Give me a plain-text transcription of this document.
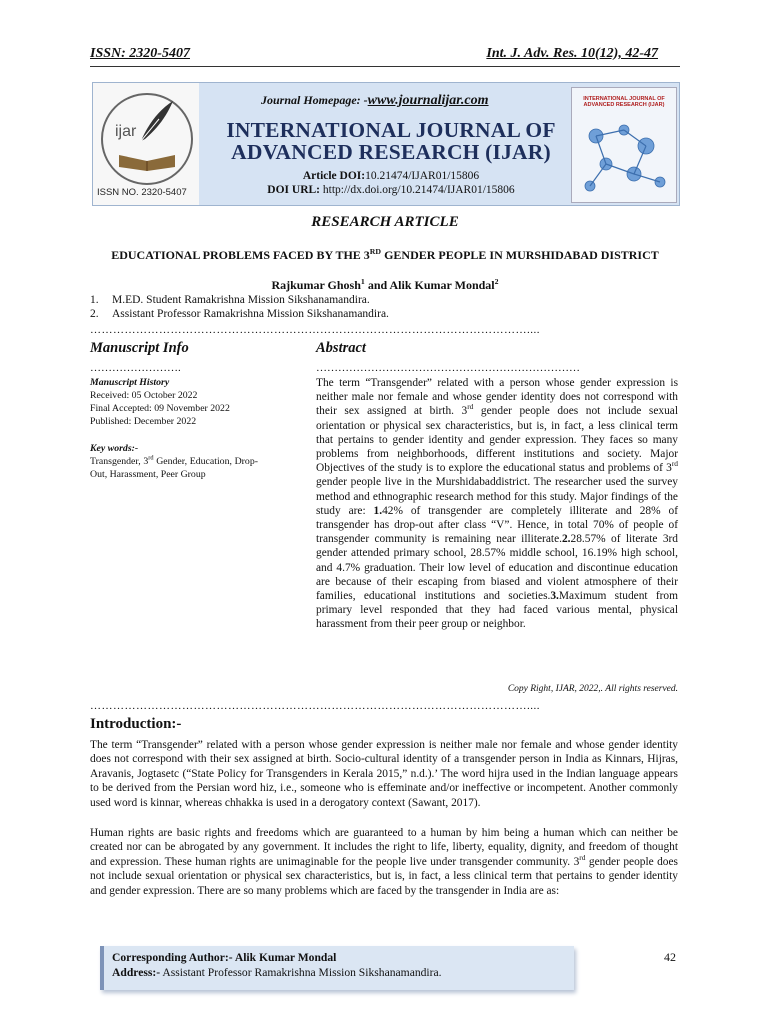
ISSN: 2320-5407	Int. J. Adv. Res. 10(12), 42-47
ijar
ISSN NO. 2320-5407
Journal Homepage: -www.journalijar.com
INTERNATIONAL JOURNAL OF
ADVANCED RESEARCH (IJAR)
Article DOI:10.21474/IJAR01/15806
DOI URL: http://dx.doi.org/10.21474/IJAR01/15806
INTERNATIONAL JOURNAL OF ADVANCED RESEARCH (IJAR)
RESEARCH ARTICLE
EDUCATIONAL PROBLEMS FACED BY THE 3RD GENDER PEOPLE IN MURSHIDABAD DISTRICT
Rajkumar Ghosh$^1$ and Alik Kumar Mondal$^2$
1. M.ED. Student Ramakrishna Mission Sikshanamandira.
2. Assistant Professor Ramakrishna Mission Sikshanamandira.
……………………………………………………………………………………………………....
Manuscript Info	Abstract
…………………….	………………………………………………………………
Manuscript History
Received: 05 October 2022
Final Accepted: 09 November 2022
Published: December 2022
Key words:-
Transgender, 3rd Gender, Education, Drop-Out, Harassment, Peer Group
The term “Transgender” related with a person whose gender expression is neither male nor female and whose gender identity does not correspond with their sex assigned at birth. 3rd gender people does not include sexual orientation or physical sex characteristics, but is, in fact, a less clinical term that pertains to gender identity and gender expression. They faces so many problems from neighborhoods, different institutions and society. Major Objectives of the study is to explore the educational status and problems of 3rd gender people live in the Murshidabaddistrict. The researcher used the survey method and ethnographic research method for this study. Major findings of the study are: 1.42% of transgender are completely illiterate and 28% of transgender has drop-out after class “V”. Hence, in total 70% of people of transgender community is remaining near illiterate.2.28.57% of literate 3rd gender attended primary school, 28.57% middle school, 16.19% high school, and 4.7% graduation. Their low level of education and discontinue education are because of their escaping from biased and violent atmosphere of their families, educational institutions and societies.3.Maximum student from primary level responded that they had faced various mental, physical harassment from their peer group or neighbor.
Copy Right, IJAR, 2022,. All rights reserved.
……………………………………………………………………………………………………....
Introduction:-
The term “Transgender” related with a person whose gender expression is neither male nor female and whose gender identity does not correspond with their sex assigned at birth. Socio-cultural identity of a transgender person in India as Kinnars, Hijras, Aravanis, Jogtasetc (“State Policy for Transgenders in Kerala 2015,” n.d.).’ The word hijra used in the Indian language appears to be derived from the Persian word hiz, i.e., someone who is effeminate and/or ineffective or incompetent. Another commonly used word is kinnar, whereas chhakka is used in a derogatory context (Sawant, 2017).
Human rights are basic rights and freedoms which are guaranteed to a human by him being a human which can neither be created nor can be abrogated by any government. It includes the right to life, liberty, equality, dignity, and freedom of thought and expression. These human rights are unimaginable for the people live under transgender community. 3rd gender people does not include sexual orientation or physical sex characteristics, but is, in fact, a less clinical term that pertains to gender identity and gender expression. There are so many problems which are faced by the transgender in India are as:
Corresponding Author:- Alik Kumar Mondal
Address:- Assistant Professor Ramakrishna Mission Sikshanamandira.
42
